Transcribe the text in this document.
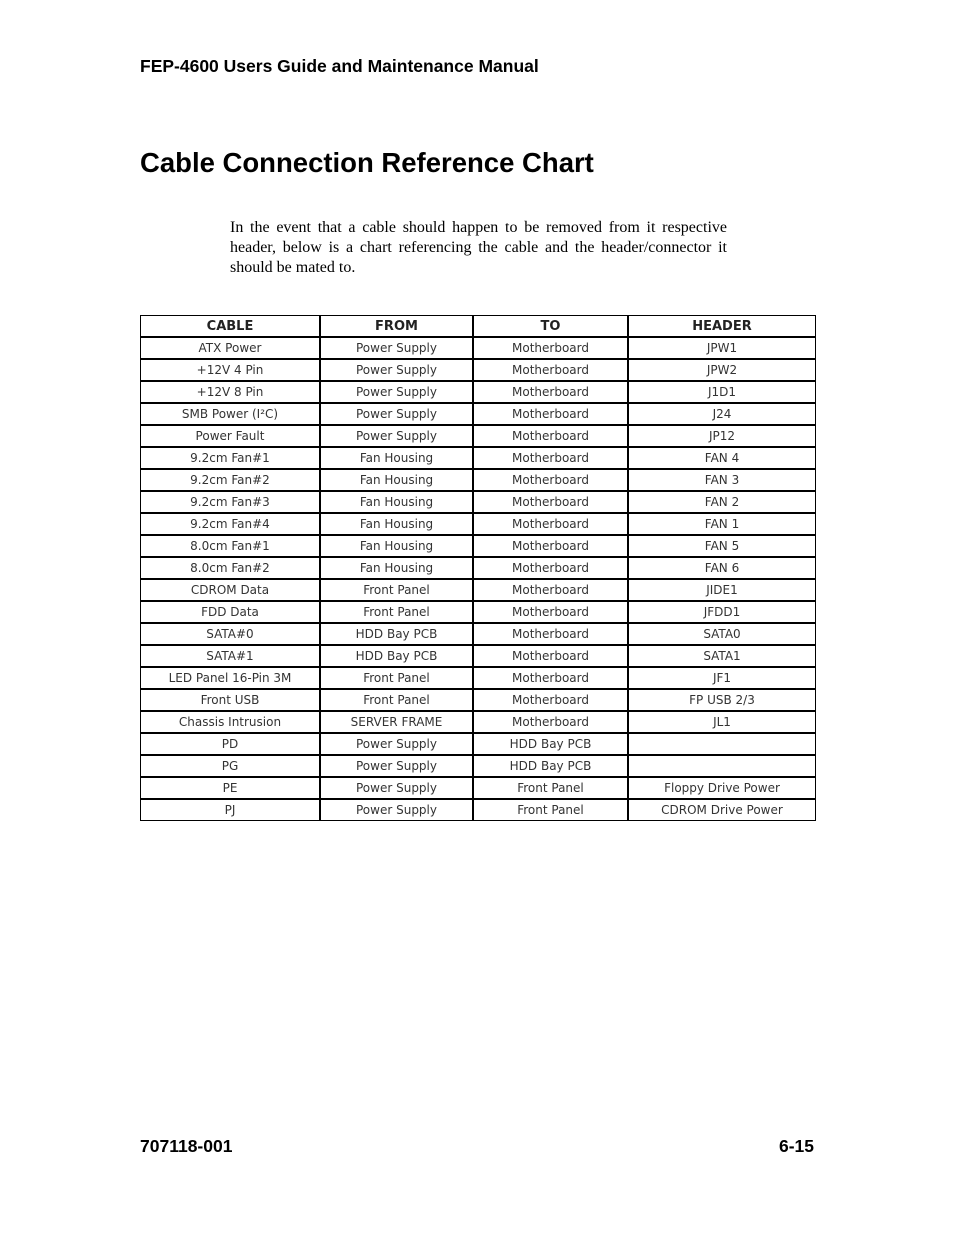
FEP-4600 Users Guide and Maintenance Manual
Cable Connection Reference Chart

In the event that a cable should happen to be removed from it respective header, below is a chart referencing the cable and the header/connector it should be mated to.

CABLE	FROM	TO	HEADER
ATX Power	Power Supply	Motherboard	JPW1
+12V 4 Pin	Power Supply	Motherboard	JPW2
+12V 8 Pin	Power Supply	Motherboard	J1D1
SMB Power (I²C)	Power Supply	Motherboard	J24
Power Fault	Power Supply	Motherboard	JP12
9.2cm Fan#1	Fan Housing	Motherboard	FAN 4
9.2cm Fan#2	Fan Housing	Motherboard	FAN 3
9.2cm Fan#3	Fan Housing	Motherboard	FAN 2
9.2cm Fan#4	Fan Housing	Motherboard	FAN 1
8.0cm Fan#1	Fan Housing	Motherboard	FAN 5
8.0cm Fan#2	Fan Housing	Motherboard	FAN 6
CDROM Data	Front Panel	Motherboard	JIDE1
FDD Data	Front Panel	Motherboard	JFDD1
SATA#0	HDD Bay PCB	Motherboard	SATA0
SATA#1	HDD Bay PCB	Motherboard	SATA1
LED Panel 16-Pin 3M	Front Panel	Motherboard	JF1
Front USB	Front Panel	Motherboard	FP USB 2/3
Chassis Intrusion	SERVER FRAME	Motherboard	JL1
PD	Power Supply	HDD Bay PCB	
PG	Power Supply	HDD Bay PCB	
PE	Power Supply	Front Panel	Floppy Drive Power
PJ	Power Supply	Front Panel	CDROM Drive Power
707118-001	6-15
